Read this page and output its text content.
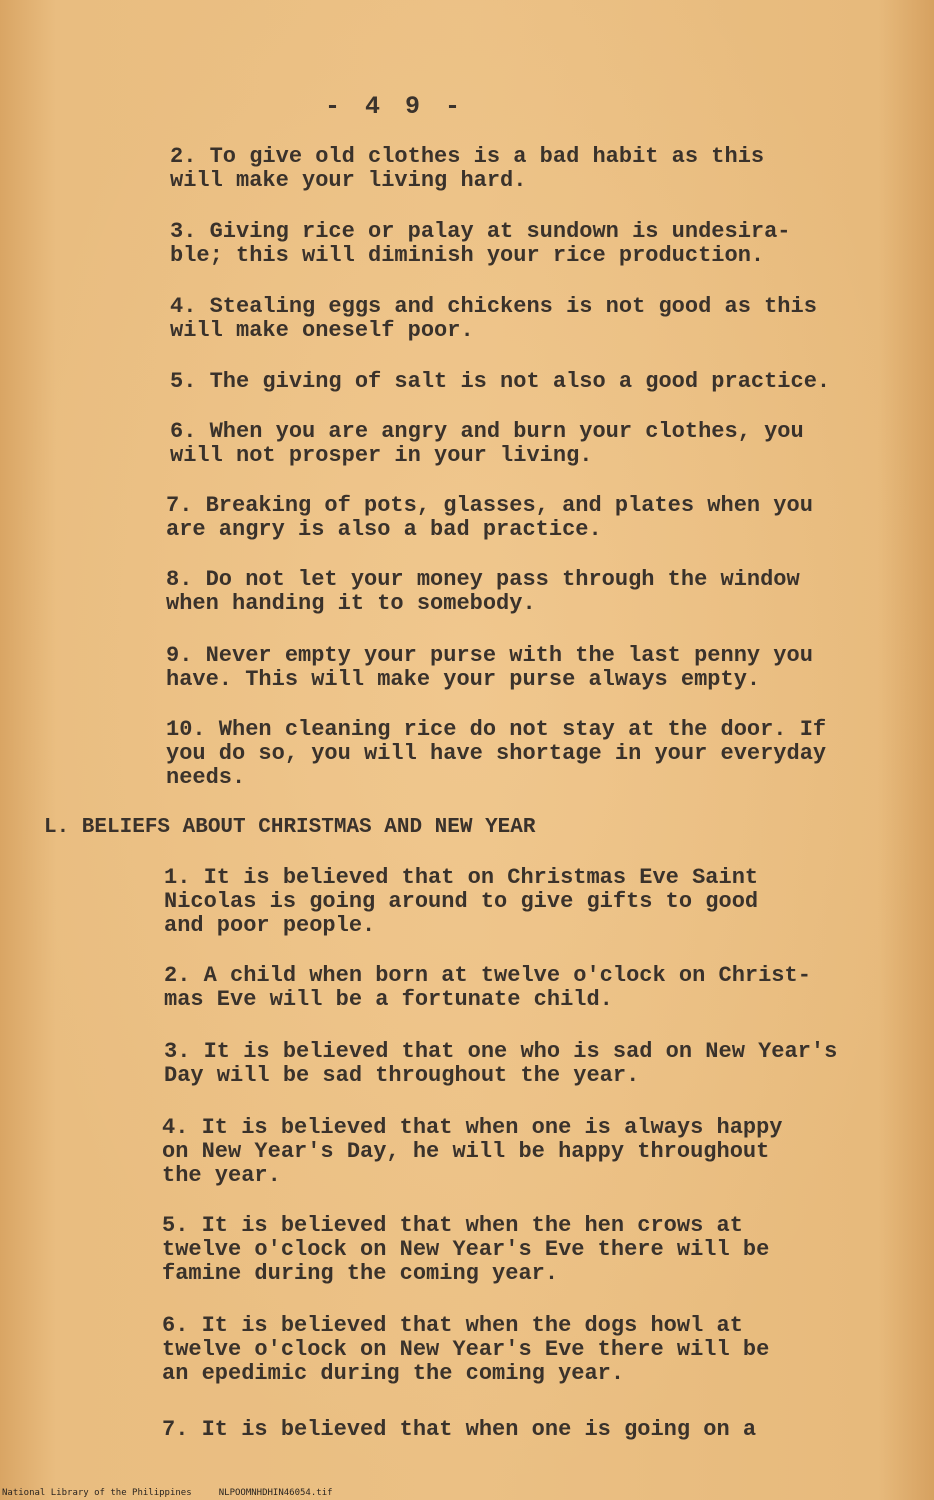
- 4 9 -
2. To give old clothes is a bad habit as this
will make your living hard.
3. Giving rice or palay at sundown is undesira-
ble; this will diminish your rice production.
4. Stealing eggs and chickens is not good as this
will make oneself poor.
5. The giving of salt is not also a good practice.
6. When you are angry and burn your clothes, you
will not prosper in your living.
7. Breaking of pots, glasses, and plates when you
are angry is also a bad practice.
8. Do not let your money pass through the window
when handing it to somebody.
9. Never empty your purse with the last penny you
have. This will make your purse always empty.
10. When cleaning rice do not stay at the door. If
you do so, you will have shortage in your everyday
needs.
L. BELIEFS ABOUT CHRISTMAS AND NEW YEAR
1. It is believed that on Christmas Eve Saint
Nicolas is going around to give gifts to good
and poor people.
2. A child when born at twelve o'clock on Christ-
mas Eve will be a fortunate child.
3. It is believed that one who is sad on New Year's
Day will be sad throughout the year.
4. It is believed that when one is always happy
on New Year's Day, he will be happy throughout
the year.
5. It is believed that when the hen crows at
twelve o'clock on New Year's Eve there will be
famine during the coming year.
6. It is believed that when the dogs howl at
twelve o'clock on New Year's Eve there will be
an epedimic during the coming year.
7. It is believed that when one is going on a
National Library of the Philippines     NLPOOMNHDHIN46054.tif
